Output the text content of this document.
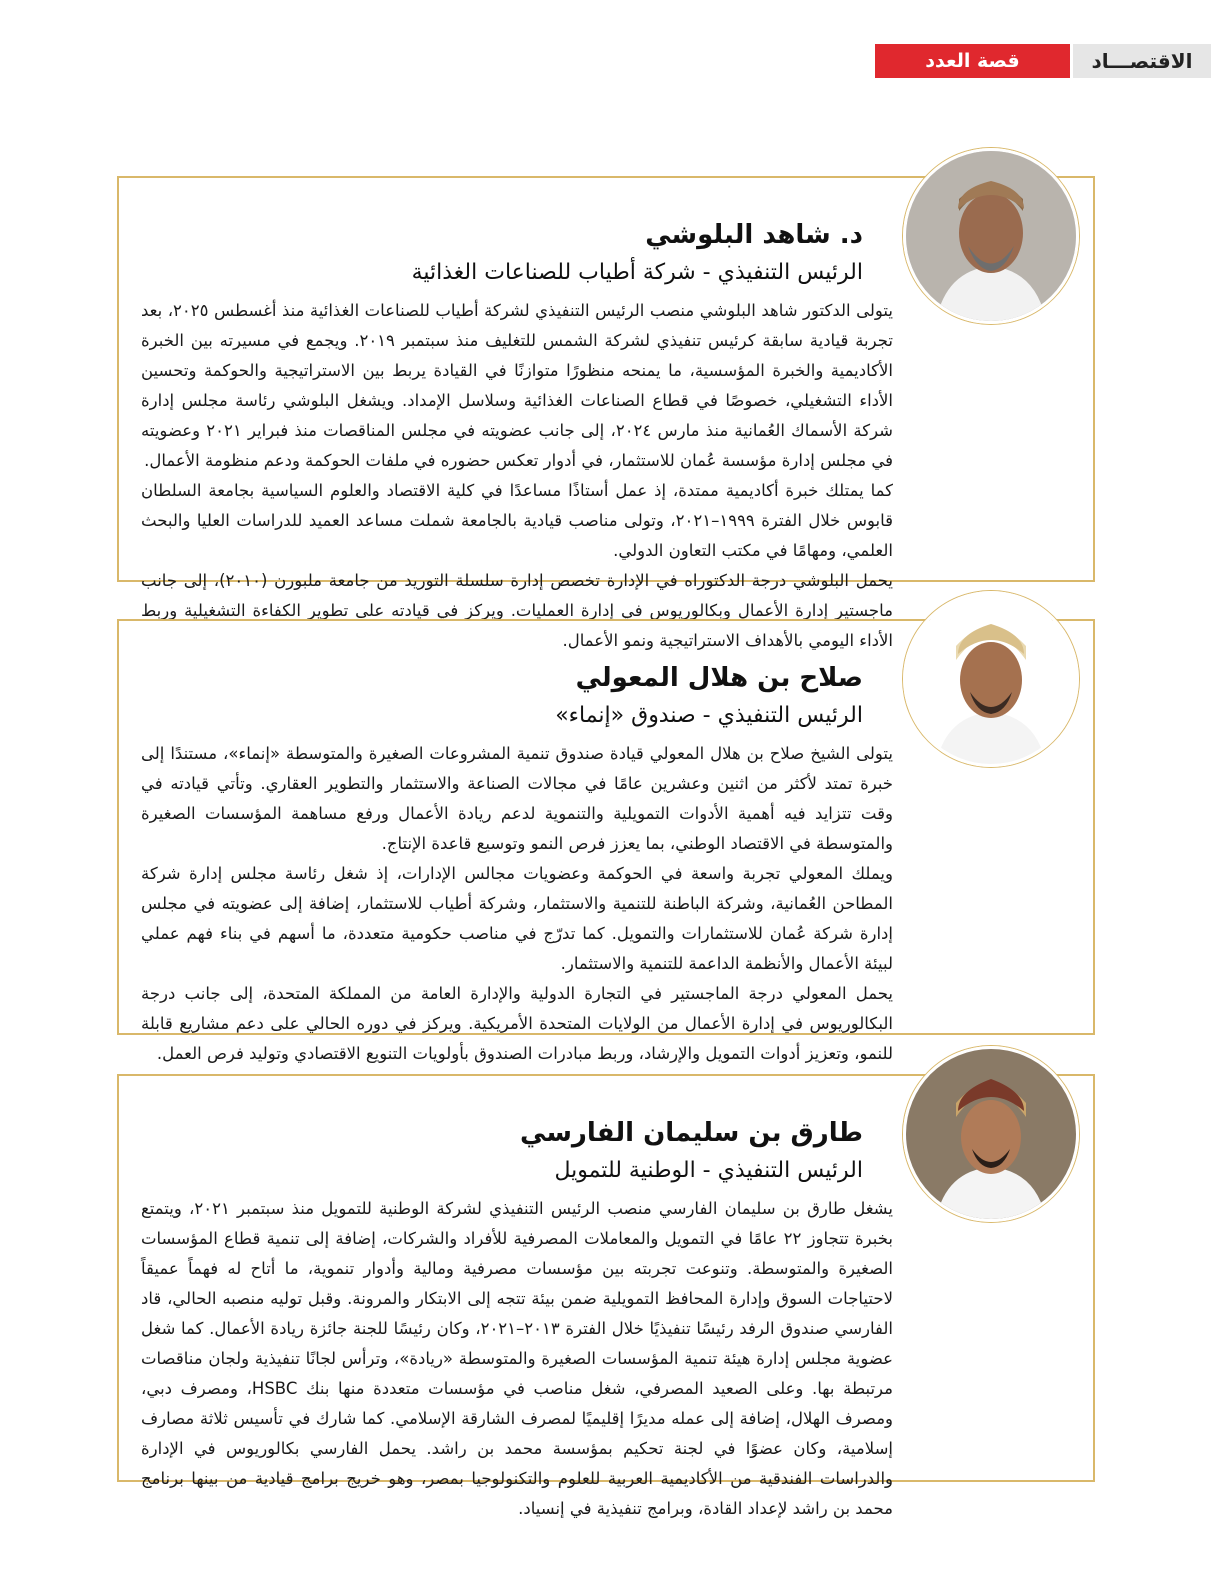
قصة العدد	الاقتصـــاد
د. شاهد البلوشي
الرئيس التنفيذي - شركة أطياب للصناعات الغذائية

يتولى الدكتور شاهد البلوشي منصب الرئيس التنفيذي لشركة أطياب للصناعات الغذائية منذ أغسطس ٢٠٢٥، بعد تجربة قيادية سابقة كرئيس تنفيذي لشركة الشمس للتغليف منذ سبتمبر ٢٠١٩. ويجمع في مسيرته بين الخبرة الأكاديمية والخبرة المؤسسية، ما يمنحه منظورًا متوازنًا في القيادة يربط بين الاستراتيجية والحوكمة وتحسين الأداء التشغيلي، خصوصًا في قطاع الصناعات الغذائية وسلاسل الإمداد. ويشغل البلوشي رئاسة مجلس إدارة شركة الأسماك العُمانية منذ مارس ٢٠٢٤، إلى جانب عضويته في مجلس المناقصات منذ فبراير ٢٠٢١ وعضويته في مجلس إدارة مؤسسة عُمان للاستثمار، في أدوار تعكس حضوره في ملفات الحوكمة ودعم منظومة الأعمال.

كما يمتلك خبرة أكاديمية ممتدة، إذ عمل أستاذًا مساعدًا في كلية الاقتصاد والعلوم السياسية بجامعة السلطان قابوس خلال الفترة ١٩٩٩–٢٠٢١، وتولى مناصب قيادية بالجامعة شملت مساعد العميد للدراسات العليا والبحث العلمي، ومهامًا في مكتب التعاون الدولي.

يحمل البلوشي درجة الدكتوراه في الإدارة تخصص إدارة سلسلة التوريد من جامعة ملبورن (٢٠١٠)، إلى جانب ماجستير إدارة الأعمال وبكالوريوس في إدارة العمليات. ويركز في قيادته على تطوير الكفاءة التشغيلية وربط الأداء اليومي بالأهداف الاستراتيجية ونمو الأعمال.

صلاح بن هلال المعولي
الرئيس التنفيذي - صندوق «إنماء»

يتولى الشيخ صلاح بن هلال المعولي قيادة صندوق تنمية المشروعات الصغيرة والمتوسطة «إنماء»، مستندًا إلى خبرة تمتد لأكثر من اثنين وعشرين عامًا في مجالات الصناعة والاستثمار والتطوير العقاري. وتأتي قيادته في وقت تتزايد فيه أهمية الأدوات التمويلية والتنموية لدعم ريادة الأعمال ورفع مساهمة المؤسسات الصغيرة والمتوسطة في الاقتصاد الوطني، بما يعزز فرص النمو وتوسيع قاعدة الإنتاج.

ويملك المعولي تجربة واسعة في الحوكمة وعضويات مجالس الإدارات، إذ شغل رئاسة مجلس إدارة شركة المطاحن العُمانية، وشركة الباطنة للتنمية والاستثمار، وشركة أطياب للاستثمار، إضافة إلى عضويته في مجلس إدارة شركة عُمان للاستثمارات والتمويل. كما تدرّج في مناصب حكومية متعددة، ما أسهم في بناء فهم عملي لبيئة الأعمال والأنظمة الداعمة للتنمية والاستثمار.

يحمل المعولي درجة الماجستير في التجارة الدولية والإدارة العامة من المملكة المتحدة، إلى جانب درجة البكالوريوس في إدارة الأعمال من الولايات المتحدة الأمريكية. ويركز في دوره الحالي على دعم مشاريع قابلة للنمو، وتعزيز أدوات التمويل والإرشاد، وربط مبادرات الصندوق بأولويات التنويع الاقتصادي وتوليد فرص العمل.

طارق بن سليمان الفارسي
الرئيس التنفيذي - الوطنية للتمويل

يشغل طارق بن سليمان الفارسي منصب الرئيس التنفيذي لشركة الوطنية للتمويل منذ سبتمبر ٢٠٢١، ويتمتع بخبرة تتجاوز ٢٢ عامًا في التمويل والمعاملات المصرفية للأفراد والشركات، إضافة إلى تنمية قطاع المؤسسات الصغيرة والمتوسطة. وتنوعت تجربته بين مؤسسات مصرفية ومالية وأدوار تنموية، ما أتاح له فهماً عميقاً لاحتياجات السوق وإدارة المحافظ التمويلية ضمن بيئة تتجه إلى الابتكار والمرونة. وقبل توليه منصبه الحالي، قاد الفارسي صندوق الرفد رئيسًا تنفيذيًا خلال الفترة ٢٠١٣–٢٠٢١، وكان رئيسًا للجنة جائزة ريادة الأعمال. كما شغل عضوية مجلس إدارة هيئة تنمية المؤسسات الصغيرة والمتوسطة «ريادة»، وترأس لجانًا تنفيذية ولجان مناقصات مرتبطة بها. وعلى الصعيد المصرفي، شغل مناصب في مؤسسات متعددة منها بنك HSBC، ومصرف دبي، ومصرف الهلال، إضافة إلى عمله مديرًا إقليميًا لمصرف الشارقة الإسلامي. كما شارك في تأسيس ثلاثة مصارف إسلامية، وكان عضوًا في لجنة تحكيم بمؤسسة محمد بن راشد. يحمل الفارسي بكالوريوس في الإدارة والدراسات الفندقية من الأكاديمية العربية للعلوم والتكنولوجيا بمصر، وهو خريج برامج قيادية من بينها برنامج محمد بن راشد لإعداد القادة، وبرامج تنفيذية في إنسياد.
